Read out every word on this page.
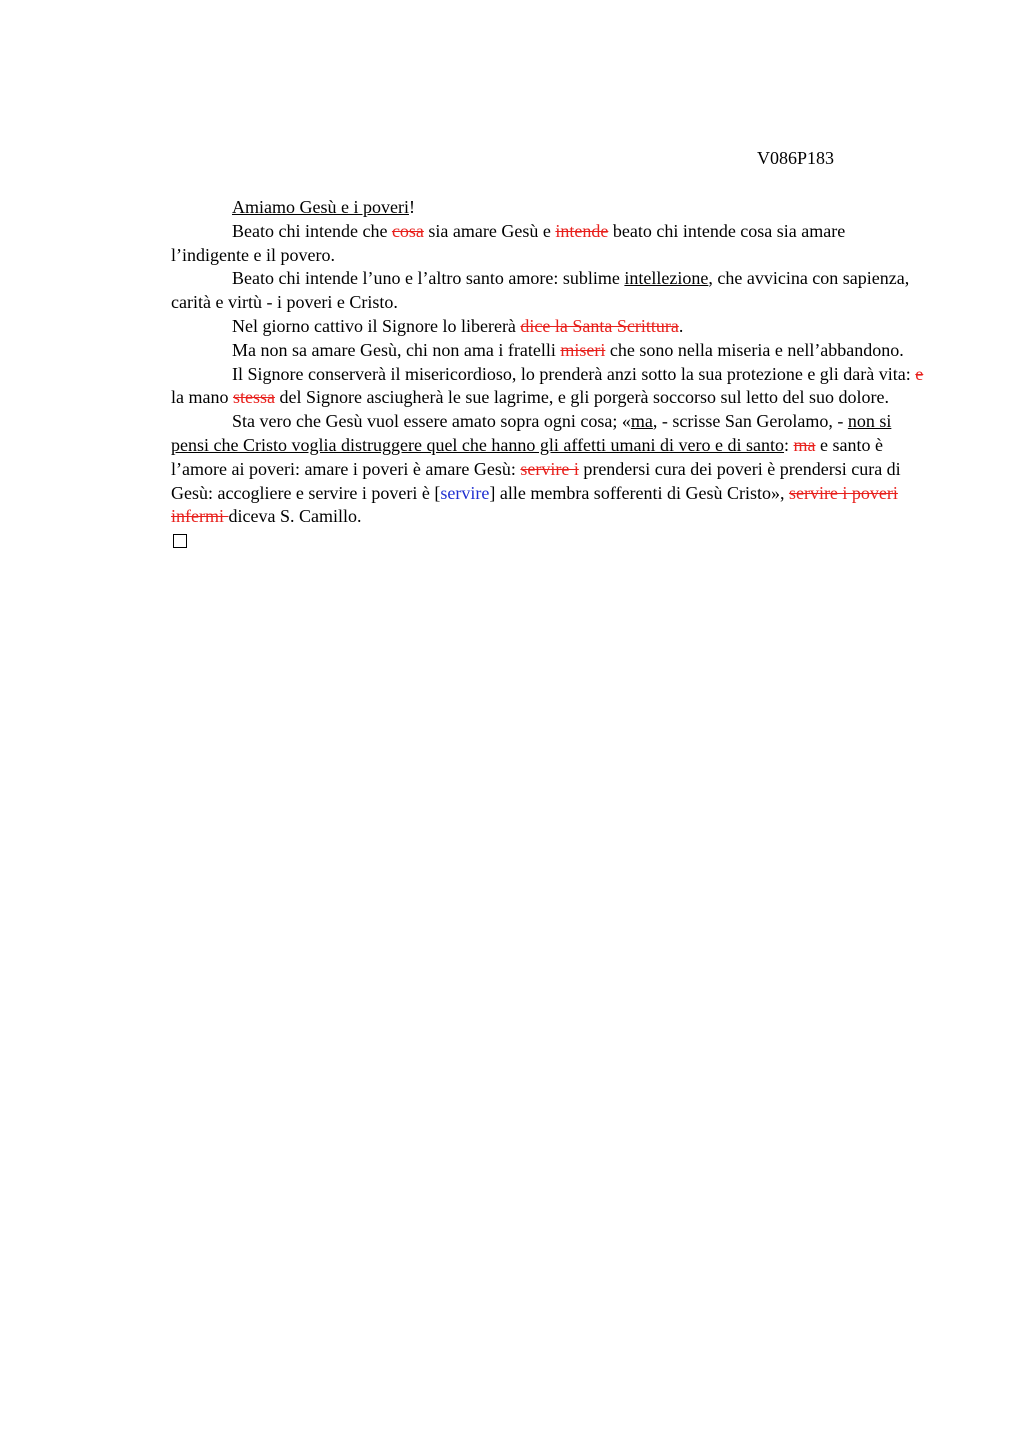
V086P183

Amiamo Gesù e i poveri!

Beato chi intende che cosa sia amare Gesù e intende beato chi intende cosa sia amare l’indigente e il povero.

Beato chi intende l’uno e l’altro santo amore: sublime intellezione, che avvicina con sapienza, carità e virtù - i poveri e Cristo.

Nel giorno cattivo il Signore lo libererà dice la Santa Scrittura.

Ma non sa amare Gesù, chi non ama i fratelli miseri che sono nella miseria e nell’abbandono.

Il Signore conserverà il misericordioso, lo prenderà anzi sotto la sua protezione e gli darà vita: e la mano stessa del Signore asciugherà le sue lagrime, e gli porgerà soccorso sul letto del suo dolore.

Sta vero che Gesù vuol essere amato sopra ogni cosa; «ma, - scrisse San Gerolamo, - non si pensi che Cristo voglia distruggere quel che hanno gli affetti umani di vero e di santo: ma e santo è l’amore ai poveri: amare i poveri è amare Gesù: servire i prendersi cura dei poveri è prendersi cura di Gesù: accogliere e servire i poveri è [servire] alle membra sofferenti di Gesù Cristo», servire i poveri infermi diceva S. Camillo.
